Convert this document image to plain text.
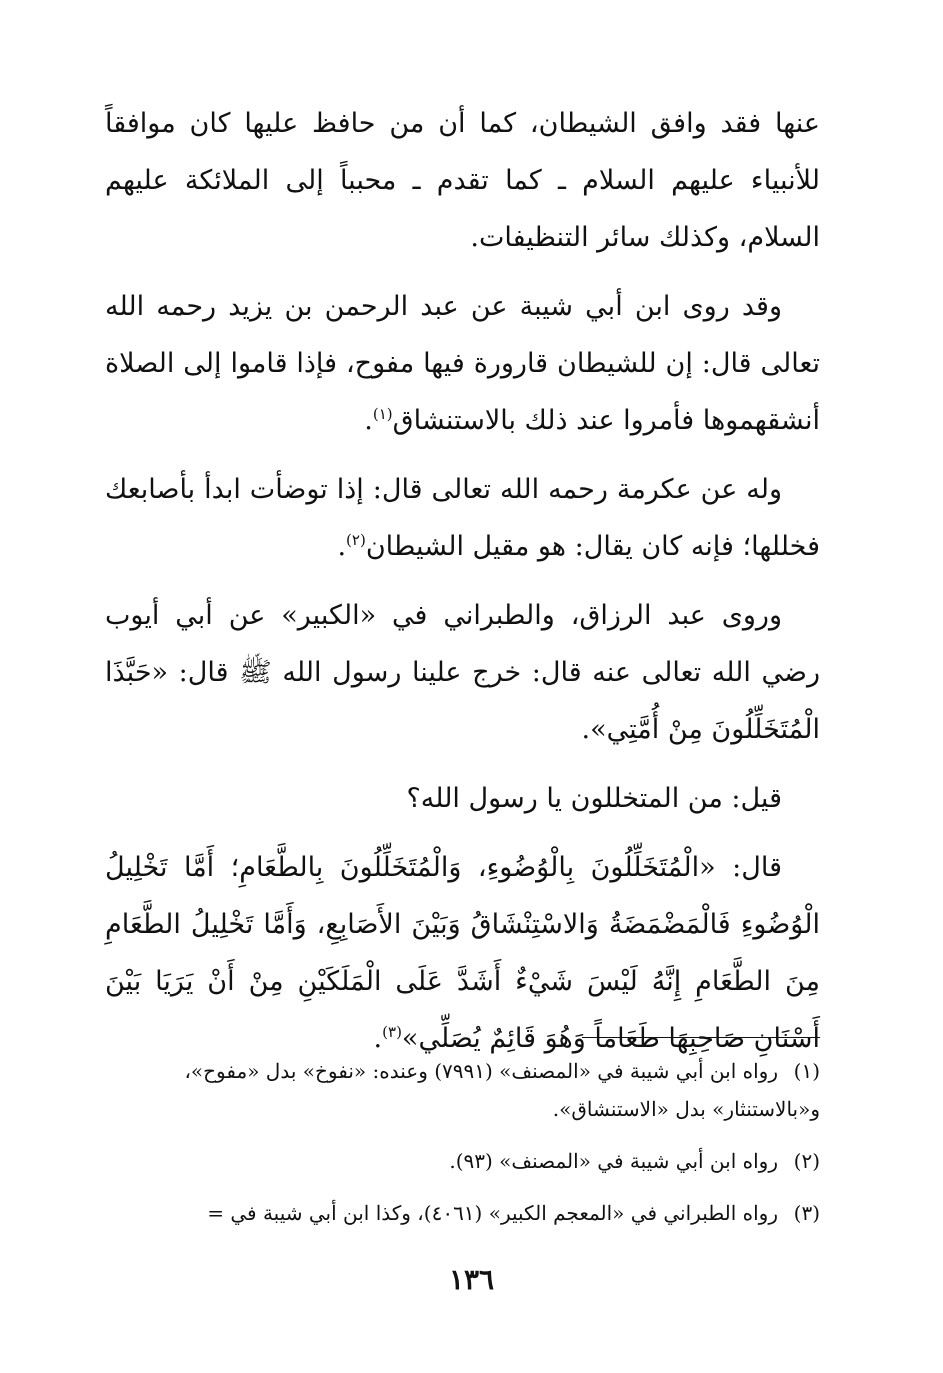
عنها فقد وافق الشيطان، كما أن من حافظ عليها كان موافقاً للأنبياء عليهم السلام ـ كما تقدم ـ محبباً إلى الملائكة عليهم السلام، وكذلك سائر التنظيفات.

وقد روى ابن أبي شيبة عن عبد الرحمن بن يزيد رحمه الله تعالى قال: إن للشيطان قارورة فيها مفوح، فإذا قاموا إلى الصلاة أنشقهموها فأمروا عند ذلك بالاستنشاق$^{(١)}$.

وله عن عكرمة رحمه الله تعالى قال: إذا توضأت ابدأ بأصابعك فخللها؛ فإنه كان يقال: هو مقيل الشيطان$^{(٢)}$.

وروى عبد الرزاق، والطبراني في «الكبير» عن أبي أيوب رضي الله تعالى عنه قال: خرج علينا رسول الله ﷺ قال: «حَبَّذَا الْمُتَخَلِّلُونَ مِنْ أُمَّتِي».

قيل: من المتخللون يا رسول الله؟

قال: «الْمُتَخَلِّلُونَ بِالْوُضُوءِ، وَالْمُتَخَلِّلُونَ بِالطَّعَامِ؛ أَمَّا تَخْلِيلُ الْوُضُوءِ فَالْمَضْمَضَةُ وَالاسْتِنْشَاقُ وَبَيْنَ الأَصَابِعِ، وَأَمَّا تَخْلِيلُ الطَّعَامِ مِنَ الطَّعَامِ إِنَّهُ لَيْسَ شَيْءٌ أَشَدَّ عَلَى الْمَلَكَيْنِ مِنْ أَنْ يَرَيَا بَيْنَ أَسْنَانِ صَاحِبِهَا طَعَاماً وَهُوَ قَائِمٌ يُصَلِّي»$^{(٣)}$.

(١)رواه ابن أبي شيبة في «المصنف» (٧٩٩١) وعنده: «نفوخ» بدل «مفوح»،
و«بالاستنثار» بدل «الاستنشاق».
(٢)رواه ابن أبي شيبة في «المصنف» (٩٣).
(٣)رواه الطبراني في «المعجم الكبير» (٤٠٦١)، وكذا ابن أبي شيبة في =
١٣٦
